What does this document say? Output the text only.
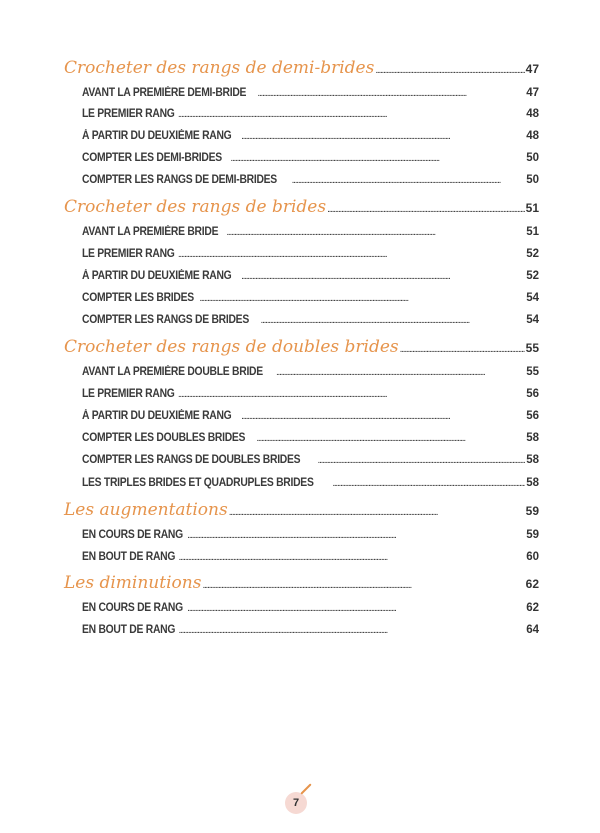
Crocheter des rangs de demi-brides . . .	47
AVANT LA PREMIÈRE DEMI-BRIDE . . .	47
LE PREMIER RANG . . .	48
À PARTIR DU DEUXIÈME RANG . . .	48
COMPTER LES DEMI-BRIDES . . .	50
COMPTER LES RANGS DE DEMI-BRIDES . . .	50
Crocheter des rangs de brides . . .	51
AVANT LA PREMIÈRE BRIDE . . .	51
LE PREMIER RANG . . .	52
À PARTIR DU DEUXIÈME RANG . . .	52
COMPTER LES BRIDES . . .	54
COMPTER LES RANGS DE BRIDES . . .	54
Crocheter des rangs de doubles brides . . .	55
AVANT LA PREMIÈRE DOUBLE BRIDE . . .	55
LE PREMIER RANG . . .	56
À PARTIR DU DEUXIÈME RANG . . .	56
COMPTER LES DOUBLES BRIDES . . .	58
COMPTER LES RANGS DE DOUBLES BRIDES . . .	58
LES TRIPLES BRIDES ET QUADRUPLES BRIDES . . .	58
Les augmentations . . .	59
EN COURS DE RANG . . .	59
EN BOUT DE RANG . . .	60
Les diminutions . . .	62
EN COURS DE RANG . . .	62
EN BOUT DE RANG . . .	64
7
